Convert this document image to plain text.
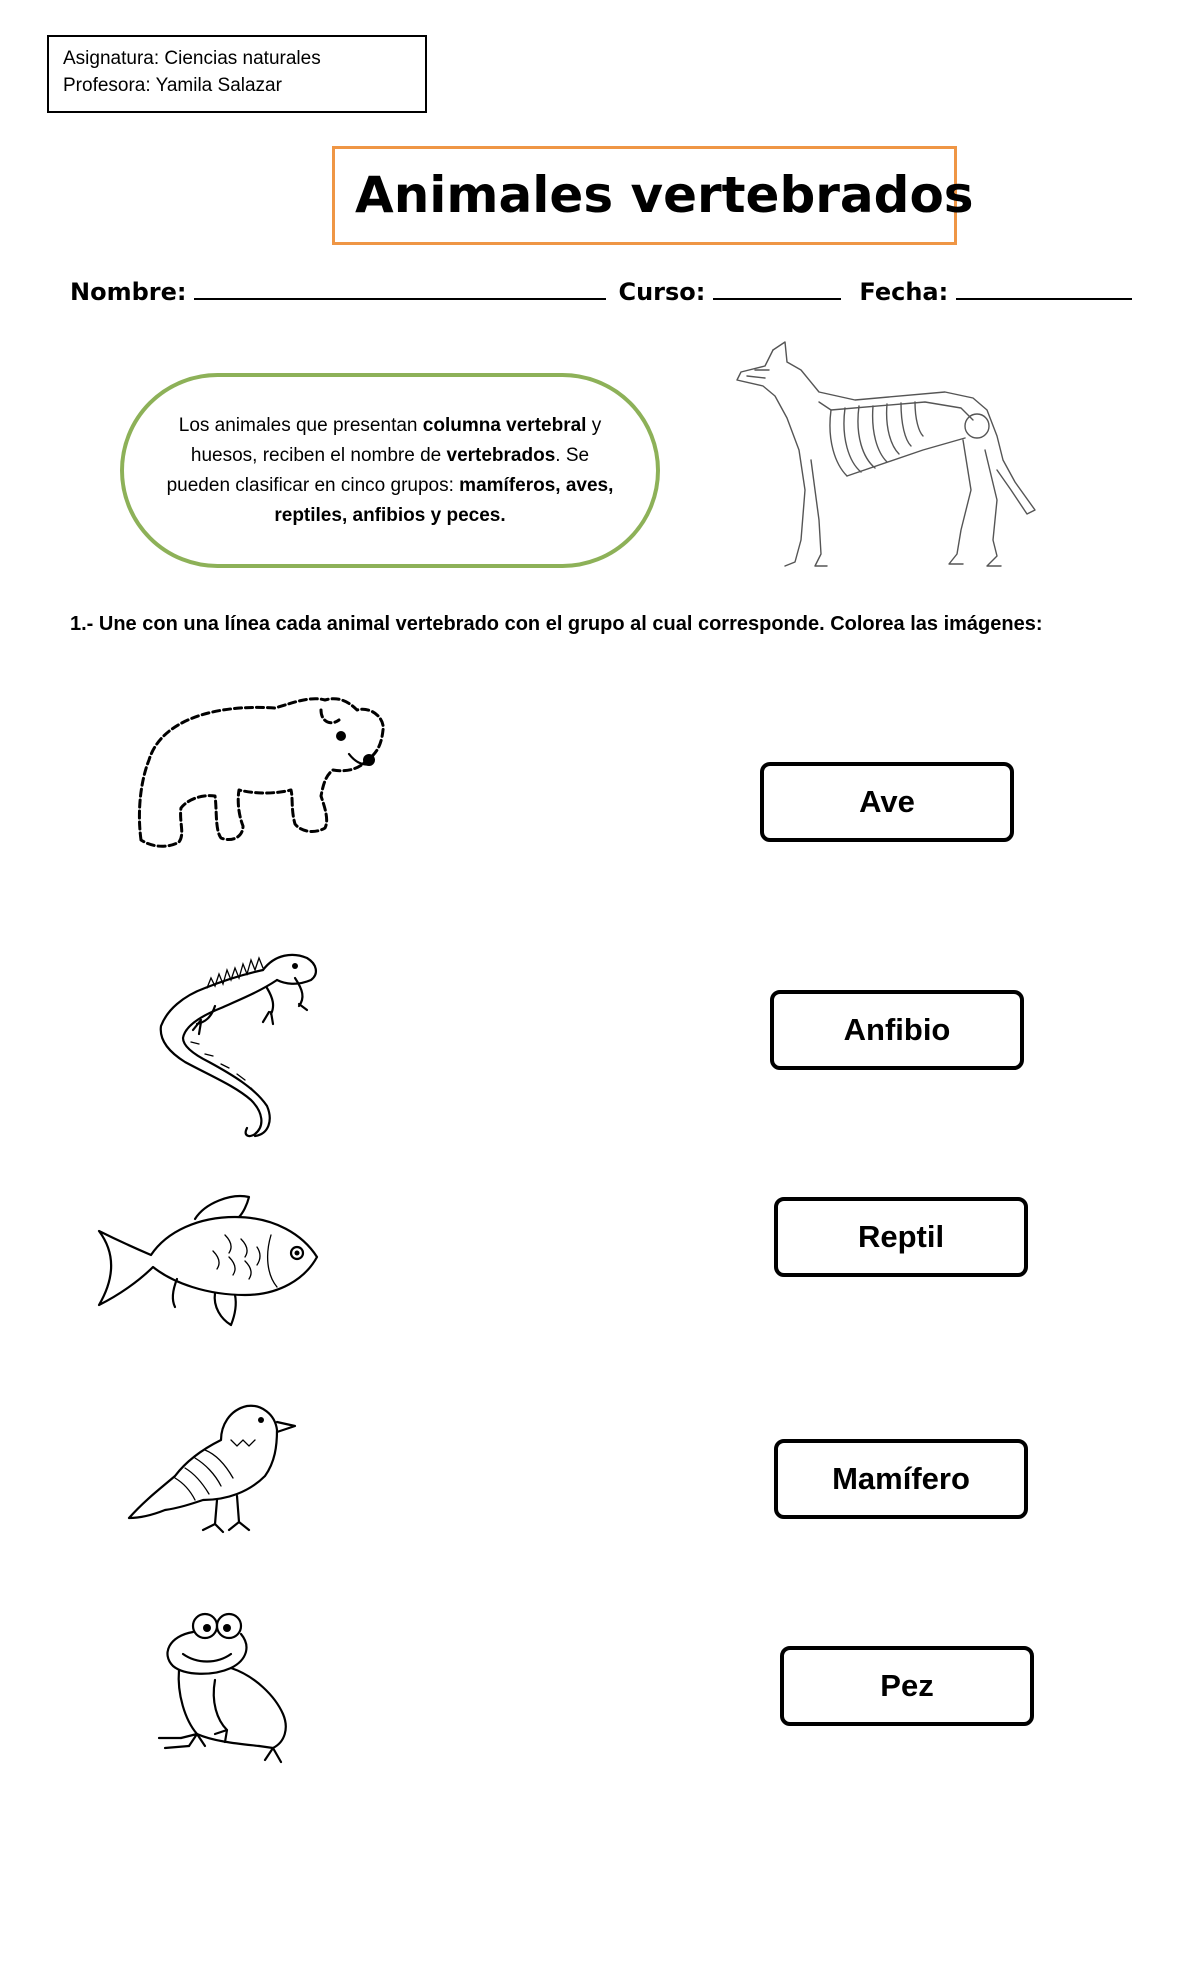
Asignatura: Ciencias naturales
Profesora: Yamila Salazar
Animales vertebrados
Nombre:	Curso:	Fecha:

Los animales que presentan columna vertebral y huesos, reciben el nombre de vertebrados. Se pueden clasificar en cinco grupos: mamíferos, aves, reptiles, anfibios y peces.

1.- Une con una línea cada animal vertebrado con el grupo al cual corresponde. Colorea las imágenes:
Ave
Anfibio
Reptil
Mamífero
Pez
